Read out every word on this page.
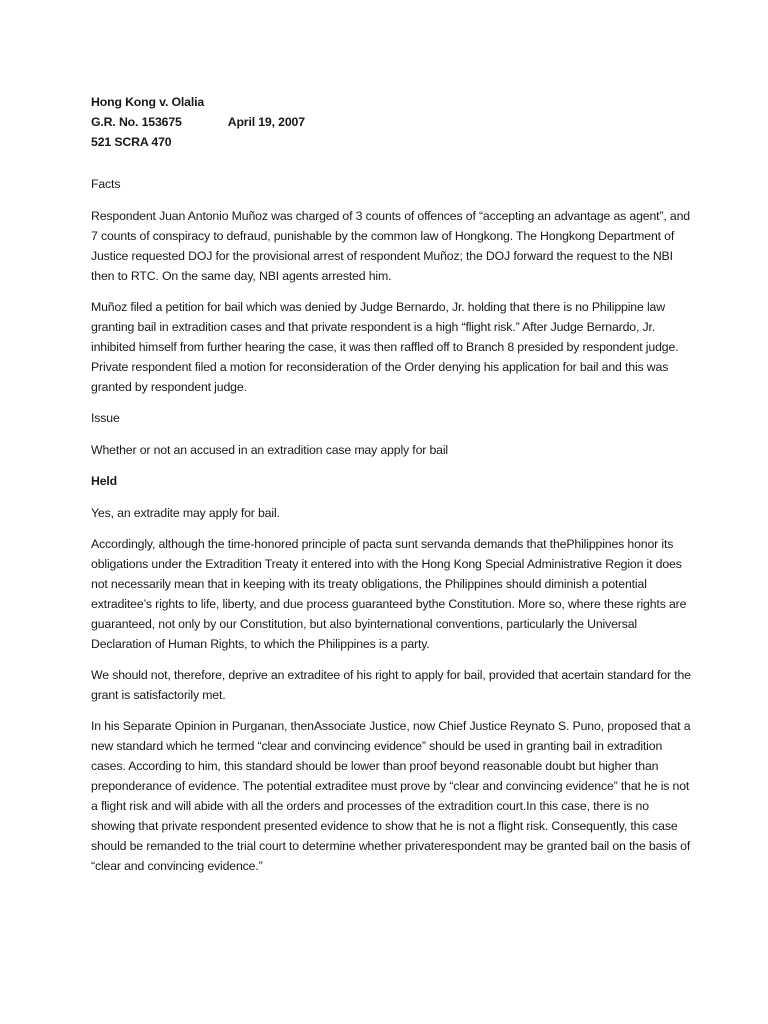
Hong Kong v. Olalia
G.R. No. 153675	April 19, 2007
521 SCRA 470
Facts

Respondent Juan Antonio Muñoz was charged of 3 counts of offences of “accepting an advantage as agent”, and 7 counts of conspiracy to defraud, punishable by the common law of Hongkong. The Hongkong Department of Justice requested DOJ for the provisional arrest of respondent Muñoz; the DOJ forward the request to the NBI then to RTC. On the same day, NBI agents arrested him.

Muñoz filed a petition for bail which was denied by Judge Bernardo, Jr. holding that there is no Philippine law granting bail in extradition cases and that private respondent is a high “flight risk.” After Judge Bernardo, Jr. inhibited himself from further hearing the case, it was then raffled off to Branch 8 presided by respondent judge. Private respondent filed a motion for reconsideration of the Order denying his application for bail and this was granted by respondent judge.

Issue

Whether or not an accused in an extradition case may apply for bail

Held

Yes, an extradite may apply for bail.

Accordingly, although the time-honored principle of pacta sunt servanda demands that thePhilippines honor its obligations under the Extradition Treaty it entered into with the Hong Kong Special Administrative Region it does not necessarily mean that in keeping with its treaty obligations, the Philippines should diminish a potential extraditee’s rights to life, liberty, and due process guaranteed bythe Constitution. More so, where these rights are guaranteed, not only by our Constitution, but also byinternational conventions, particularly the Universal Declaration of Human Rights, to which the Philippines is a party.

We should not, therefore, deprive an extraditee of his right to apply for bail, provided that acertain standard for the grant is satisfactorily met.

In his Separate Opinion in Purganan, thenAssociate Justice, now Chief Justice Reynato S. Puno, proposed that a new standard which he termed “clear and convincing evidence” should be used in granting bail in extradition cases. According to him, this standard should be lower than proof beyond reasonable doubt but higher than preponderance of evidence. The potential extraditee must prove by “clear and convincing evidence” that he is not a flight risk and will abide with all the orders and processes of the extradition court.In this case, there is no showing that private respondent presented evidence to show that he is not a flight risk. Consequently, this case should be remanded to the trial court to determine whether privaterespondent may be granted bail on the basis of “clear and convincing evidence.”
